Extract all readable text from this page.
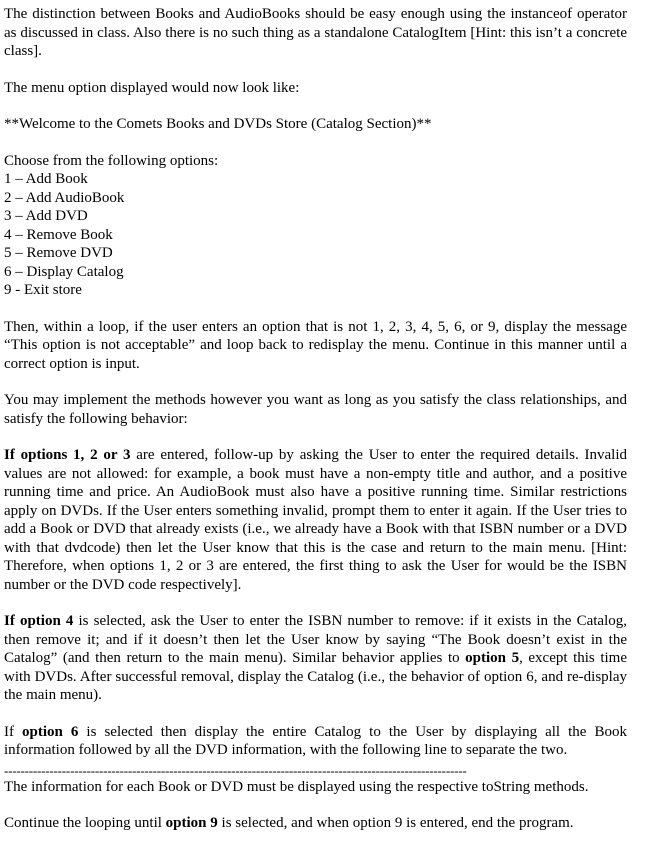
The distinction between Books and AudioBooks should be easy enough using the instanceof operator as discussed in class. Also there is no such thing as a standalone CatalogItem [Hint: this isn’t a concrete class].

The menu option displayed would now look like:

**Welcome to the Comets Books and DVDs Store (Catalog Section)**

Choose from the following options:
1 – Add Book
2 – Add AudioBook
3 – Add DVD
4 – Remove Book
5 – Remove DVD
6 – Display Catalog
9 - Exit store

Then, within a loop, if the user enters an option that is not 1, 2, 3, 4, 5, 6, or 9, display the message “This option is not acceptable” and loop back to redisplay the menu. Continue in this manner until a correct option is input.

You may implement the methods however you want as long as you satisfy the class relationships, and satisfy the following behavior:

If options 1, 2 or 3 are entered, follow-up by asking the User to enter the required details. Invalid values are not allowed: for example, a book must have a non-empty title and author, and a positive running time and price. An AudioBook must also have a positive running time. Similar restrictions apply on DVDs. If the User enters something invalid, prompt them to enter it again. If the User tries to add a Book or DVD that already exists (i.e., we already have a Book with that ISBN number or a DVD with that dvdcode) then let the User know that this is the case and return to the main menu. [Hint: Therefore, when options 1, 2 or 3 are entered, the first thing to ask the User for would be the ISBN number or the DVD code respectively].

If option 4 is selected, ask the User to enter the ISBN number to remove: if it exists in the Catalog, then remove it; and if it doesn’t then let the User know by saying “The Book doesn’t exist in the Catalog” (and then return to the main menu). Similar behavior applies to option 5, except this time with DVDs. After successful removal, display the Catalog (i.e., the behavior of option 6, and re-display the main menu).

If option 6 is selected then display the entire Catalog to the User by displaying all the Book information followed by all the DVD information, with the following line to separate the two.

----------------------------------------------------------------------------------------------------------------

The information for each Book or DVD must be displayed using the respective toString methods.

Continue the looping until option 9 is selected, and when option 9 is entered, end the program.
